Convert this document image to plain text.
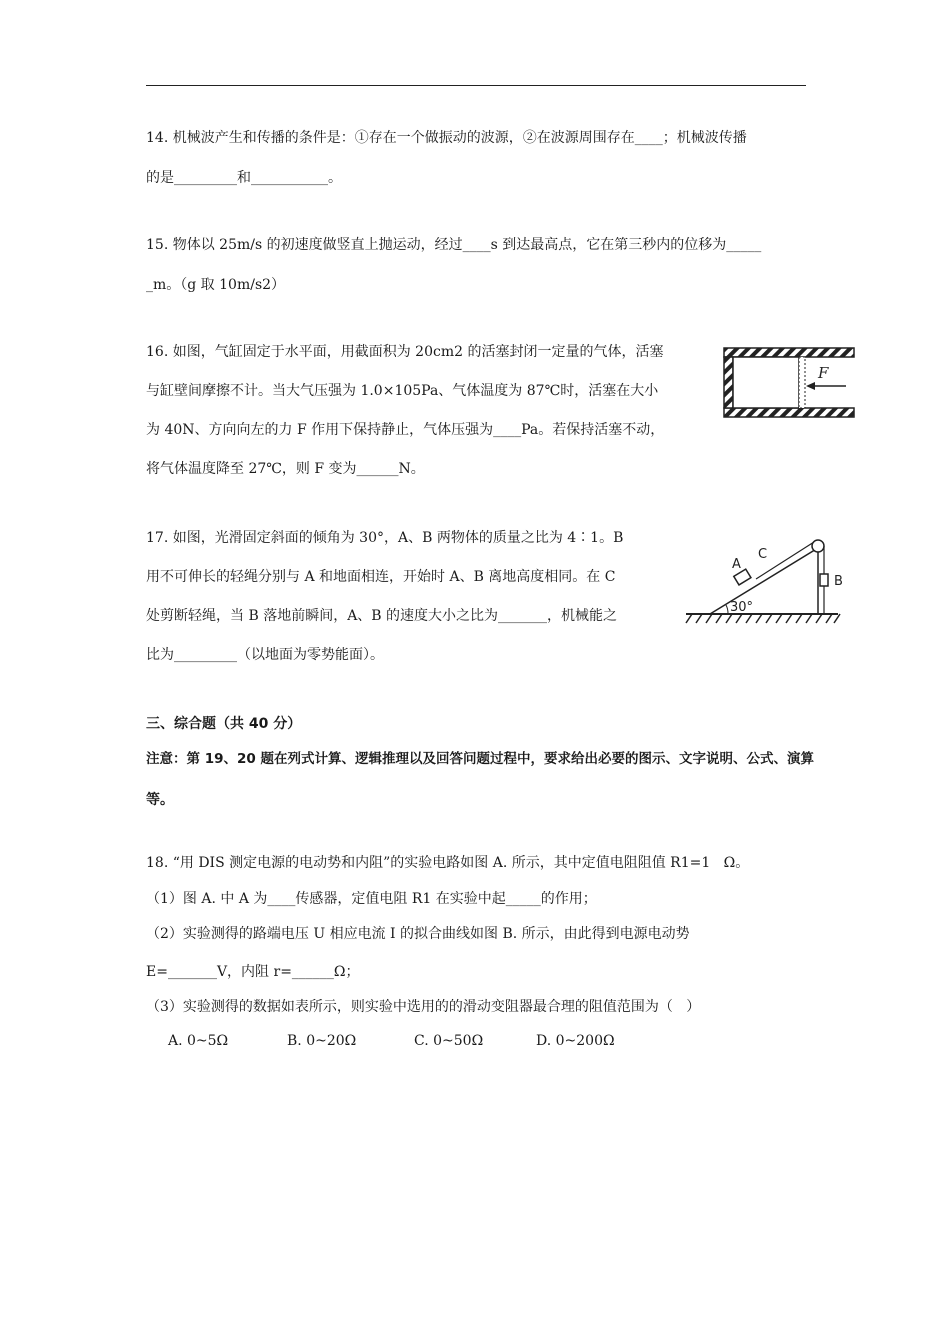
14. 机械波产生和传播的条件是：①存在一个做振动的波源，②在波源周围存在____；机械波传播
的是_________和___________。
15. 物体以 25m/s 的初速度做竖直上抛运动，经过____s 到达最高点，它在第三秒内的位移为_____
_m。（g 取 10m/s2）
16. 如图，气缸固定于水平面，用截面积为 20cm2 的活塞封闭一定量的气体，活塞
与缸壁间摩擦不计。当大气压强为 1.0×105Pa、气体温度为 87℃时，活塞在大小
为 40N、方向向左的力 F 作用下保持静止，气体压强为____Pa。若保持活塞不动，
将气体温度降至 27℃，则 F 变为______N。
F
17. 如图，光滑固定斜面的倾角为 30°，A、B 两物体的质量之比为 4∶1。B
用不可伸长的轻绳分别与 A 和地面相连，开始时 A、B 离地高度相同。在 C
处剪断轻绳，当 B 落地前瞬间，A、B 的速度大小之比为_______，机械能之
比为_________（以地面为零势能面）。
30°
A
C
B
三、综合题（共 40 分）
注意：第 19、20 题在列式计算、逻辑推理以及回答问题过程中，要求给出必要的图示、文字说明、公式、演算
等。
18. “用 DIS 测定电源的电动势和内阻”的实验电路如图 A. 所示，其中定值电阻阻值 R1=1   Ω。
（1）图 A. 中 A 为____传感器，定值电阻 R1 在实验中起_____的作用；
（2）实验测得的路端电压 U 相应电流 I 的拟合曲线如图 B. 所示，由此得到电源电动势
E=_______V，内阻 r=______Ω；
（3）实验测得的数据如表所示，则实验中选用的的滑动变阻器最合理的阻值范围为（   ）
A. 0~5Ω	B. 0~20Ω	C. 0~50Ω	D. 0~200Ω
